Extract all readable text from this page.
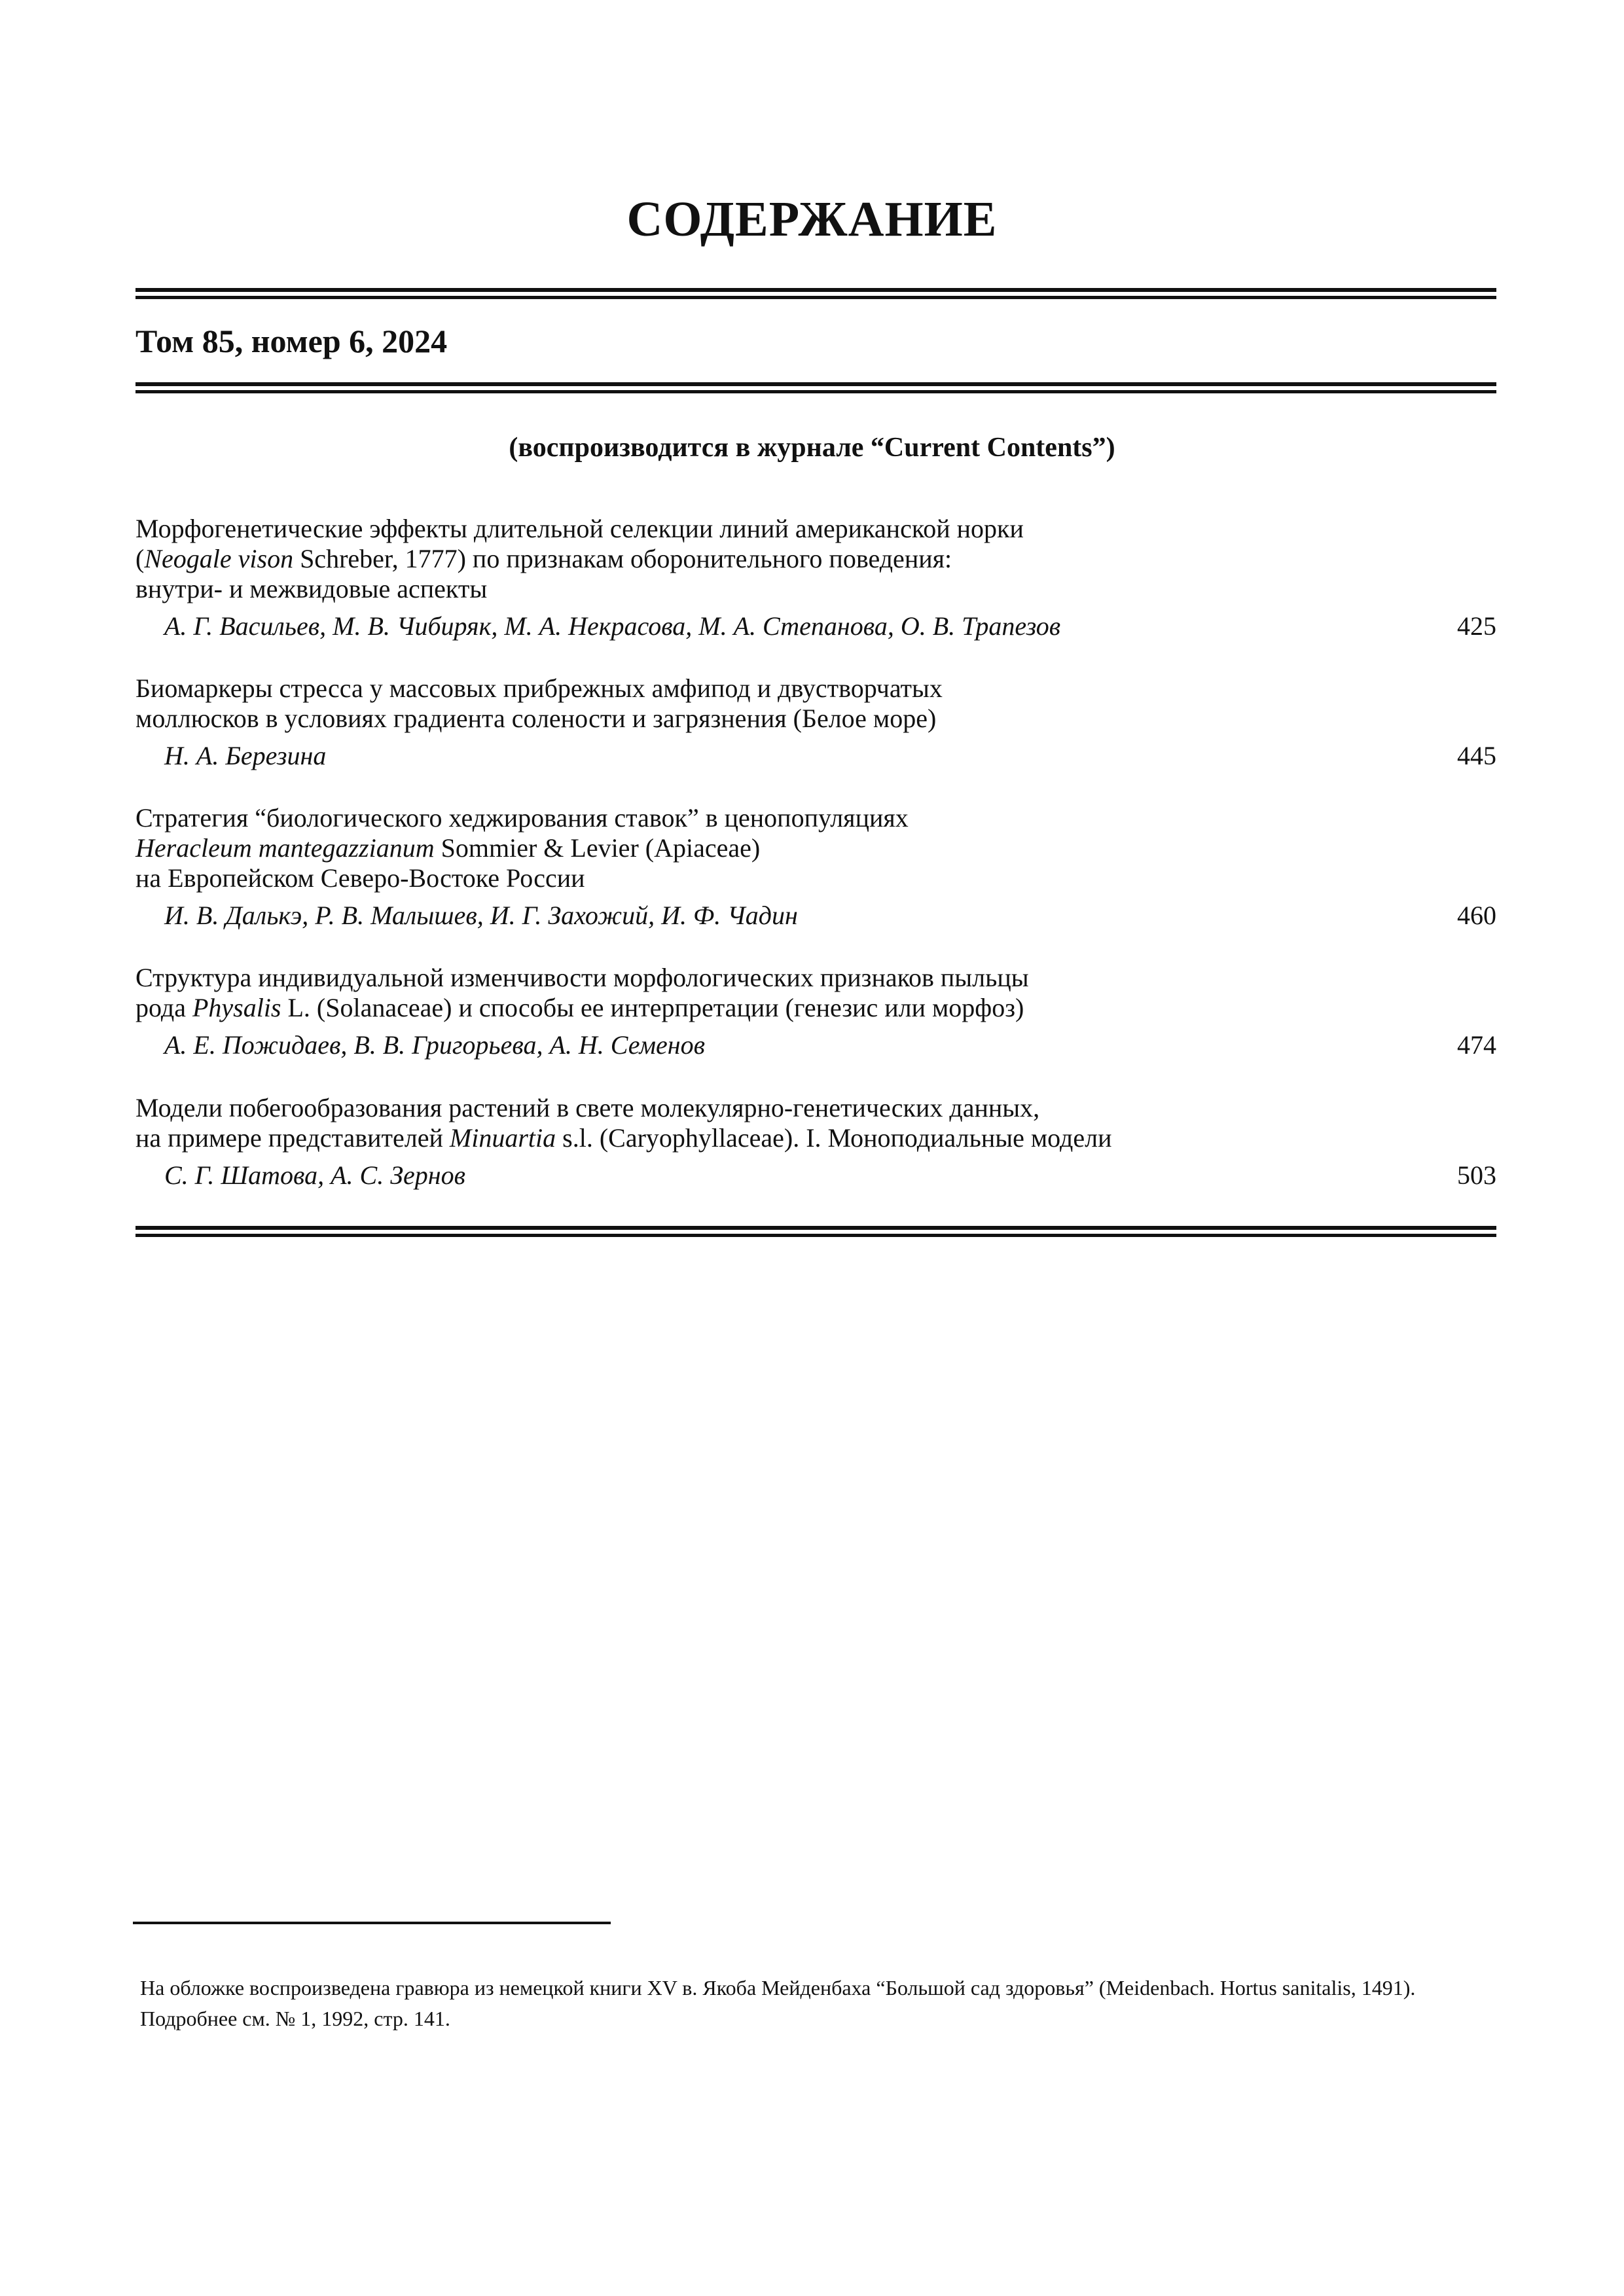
СОДЕРЖАНИЕ

Том 85, номер 6, 2024

(воспроизводится в журнале “Current Contents”)

Морфогенетические эффекты длительной селекции линий американской норки
(Neogale vison Schreber, 1777) по признакам оборонительного поведения:
внутри- и межвидовые аспекты

А. Г. Васильев, М. В. Чибиряк, М. А. Некрасова, М. А. Степанова, О. В. Трапезов	425

Биомаркеры стресса у массовых прибрежных амфипод и двустворчатых
моллюсков в условиях градиента солености и загрязнения (Белое море)

Н. А. Березина	445

Стратегия “биологического хеджирования ставок” в ценопопуляциях
Heracleum mantegazzianum Sommier & Levier (Apiaceae)
на Европейском Северо-Востоке России

И. В. Далькэ, Р. В. Малышев, И. Г. Захожий, И. Ф. Чадин	460

Структура индивидуальной изменчивости морфологических признаков пыльцы
рода Physalis L. (Solanaceae) и способы ее интерпретации (генезис или морфоз)

А. Е. Пожидаев, В. В. Григорьева, А. Н. Семенов	474

Модели побегообразования растений в свете молекулярно-генетических данных,
на примере представителей Minuartia s.l. (Caryophyllaceae). I. Моноподиальные модели

С. Г. Шатова, А. С. Зернов	503

На обложке воспроизведена гравюра из немецкой книги XV в. Якоба Мейденбаха “Большой сад здоровья” (Meidenbach. Hortus sanitalis, 1491). Подробнее см. № 1, 1992, стр. 141.
